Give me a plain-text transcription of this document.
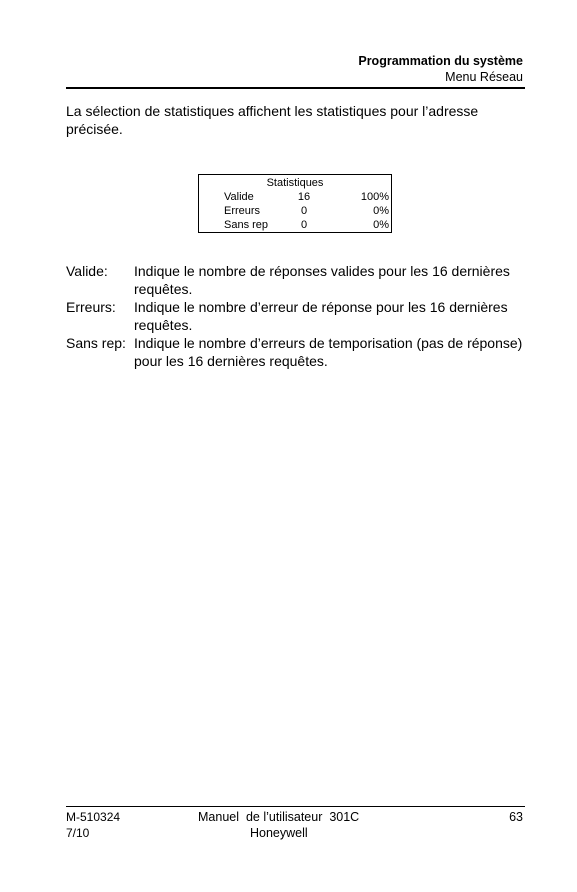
Programmation du système
Menu Réseau
La sélection de statistiques affichent les statistiques pour l’adresse précisée.
Statistiques
Valide	16	100%
Erreurs	0	0%
Sans rep	0	0%
Valide: Indique le nombre de réponses valides pour les 16 dernières requêtes.
Erreurs: Indique le nombre d’erreur de réponse pour les 16 dernières requêtes.
Sans rep: Indique le nombre d’erreurs de temporisation (pas de réponse) pour les 16 dernières requêtes.
M-510324
7/10
Manuel  de l’utilisateur  301C
Honeywell
63
